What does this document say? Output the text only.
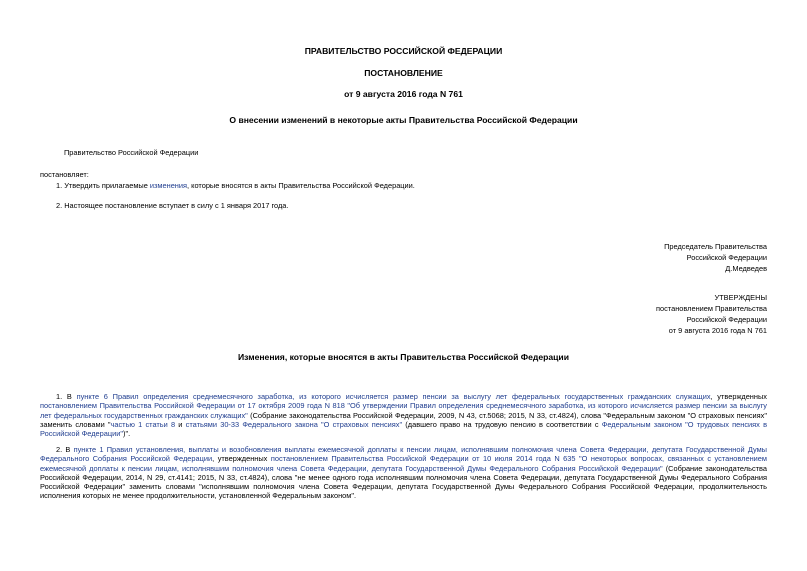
ПРАВИТЕЛЬСТВО РОССИЙСКОЙ ФЕДЕРАЦИИ
ПОСТАНОВЛЕНИЕ
от 9 августа 2016 года N 761
О внесении изменений в некоторые акты Правительства Российской Федерации
Правительство Российской Федерации
постановляет:
1. Утвердить прилагаемые изменения, которые вносятся в акты Правительства Российской Федерации.
2. Настоящее постановление вступает в силу с 1 января 2017 года.
Председатель Правительства
Российской Федерации
Д.Медведев
УТВЕРЖДЕНЫ
постановлением Правительства
Российской Федерации
от 9 августа 2016 года N 761
Изменения, которые вносятся в акты Правительства Российской Федерации
1. В пункте 6 Правил определения среднемесячного заработка, из которого исчисляется размер пенсии за выслугу лет федеральных государственных гражданских служащих, утвержденных постановлением Правительства Российской Федерации от 17 октября 2009 года N 818 "Об утверждении Правил определения среднемесячного заработка, из которого исчисляется размер пенсии за выслугу лет федеральных государственных гражданских служащих" (Собрание законодательства Российской Федерации, 2009, N 43, ст.5068; 2015, N 33, ст.4824), слова "Федеральным законом "О страховых пенсиях" заменить словами "частью 1 статьи 8 и статьями 30-33 Федерального закона "О страховых пенсиях" (давшего право на трудовую пенсию в соответствии с Федеральным законом "О трудовых пенсиях в Российской Федерации")".
2. В пункте 1 Правил установления, выплаты и возобновления выплаты ежемесячной доплаты к пенсии лицам, исполнявшим полномочия члена Совета Федерации, депутата Государственной Думы Федерального Собрания Российской Федерации, утвержденных постановлением Правительства Российской Федерации от 10 июля 2014 года N 635 "О некоторых вопросах, связанных с установлением ежемесячной доплаты к пенсии лицам, исполнявшим полномочия члена Совета Федерации, депутата Государственной Думы Федерального Собрания Российской Федерации" (Собрание законодательства Российской Федерации, 2014, N 29, ст.4141; 2015, N 33, ст.4824), слова "не менее одного года исполнявшим полномочия члена Совета Федерации, депутата Государственной Думы Федерального Собрания Российской Федерации" заменить словами "исполнявшим полномочия члена Совета Федерации, депутата Государственной Думы Федерального Собрания Российской Федерации, продолжительность исполнения которых не менее продолжительности, установленной Федеральным законом".
